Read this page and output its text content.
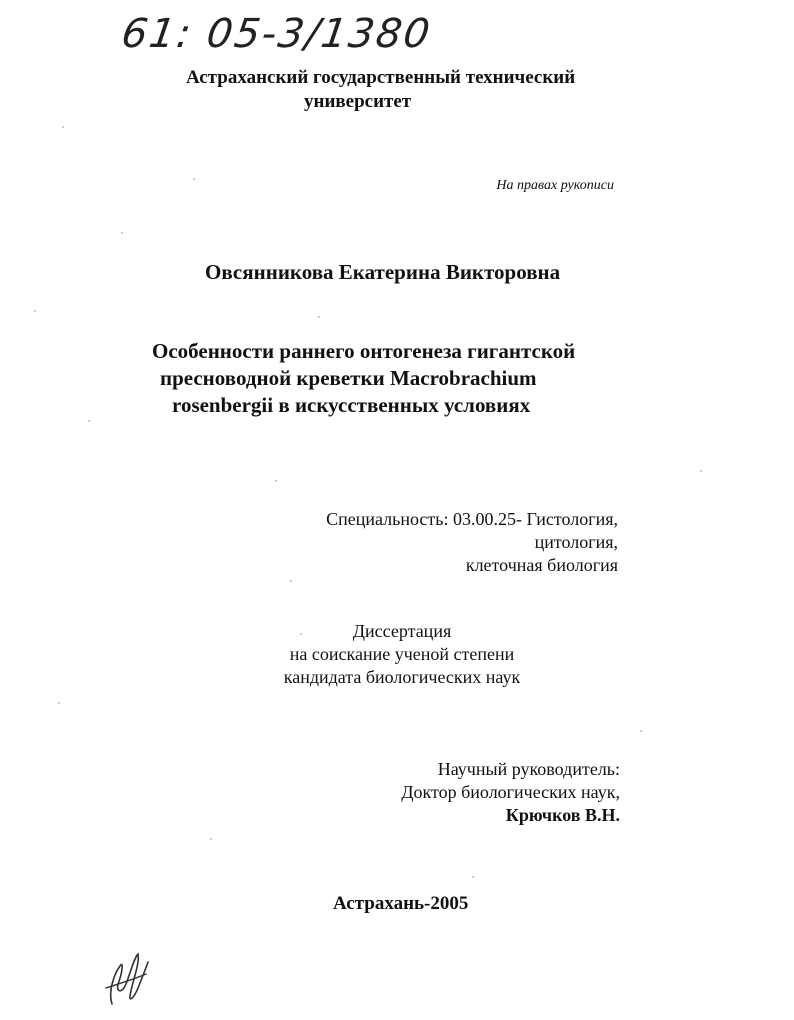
61: 05-3/1380
Астраханский государственный технический
университет
На правах рукописи
Овсянникова Екатерина Викторовна
Особенности раннего онтогенеза гигантской
пресноводной креветки Macrobrachium
rosenbergii в искусственных условиях
Специальность: 03.00.25- Гистология,
цитология,
клеточная биология
Диссертация
на соискание ученой степени
кандидата биологических наук
Научный руководитель:
Доктор биологических наук,
Крючков В.Н.
Астрахань-2005
